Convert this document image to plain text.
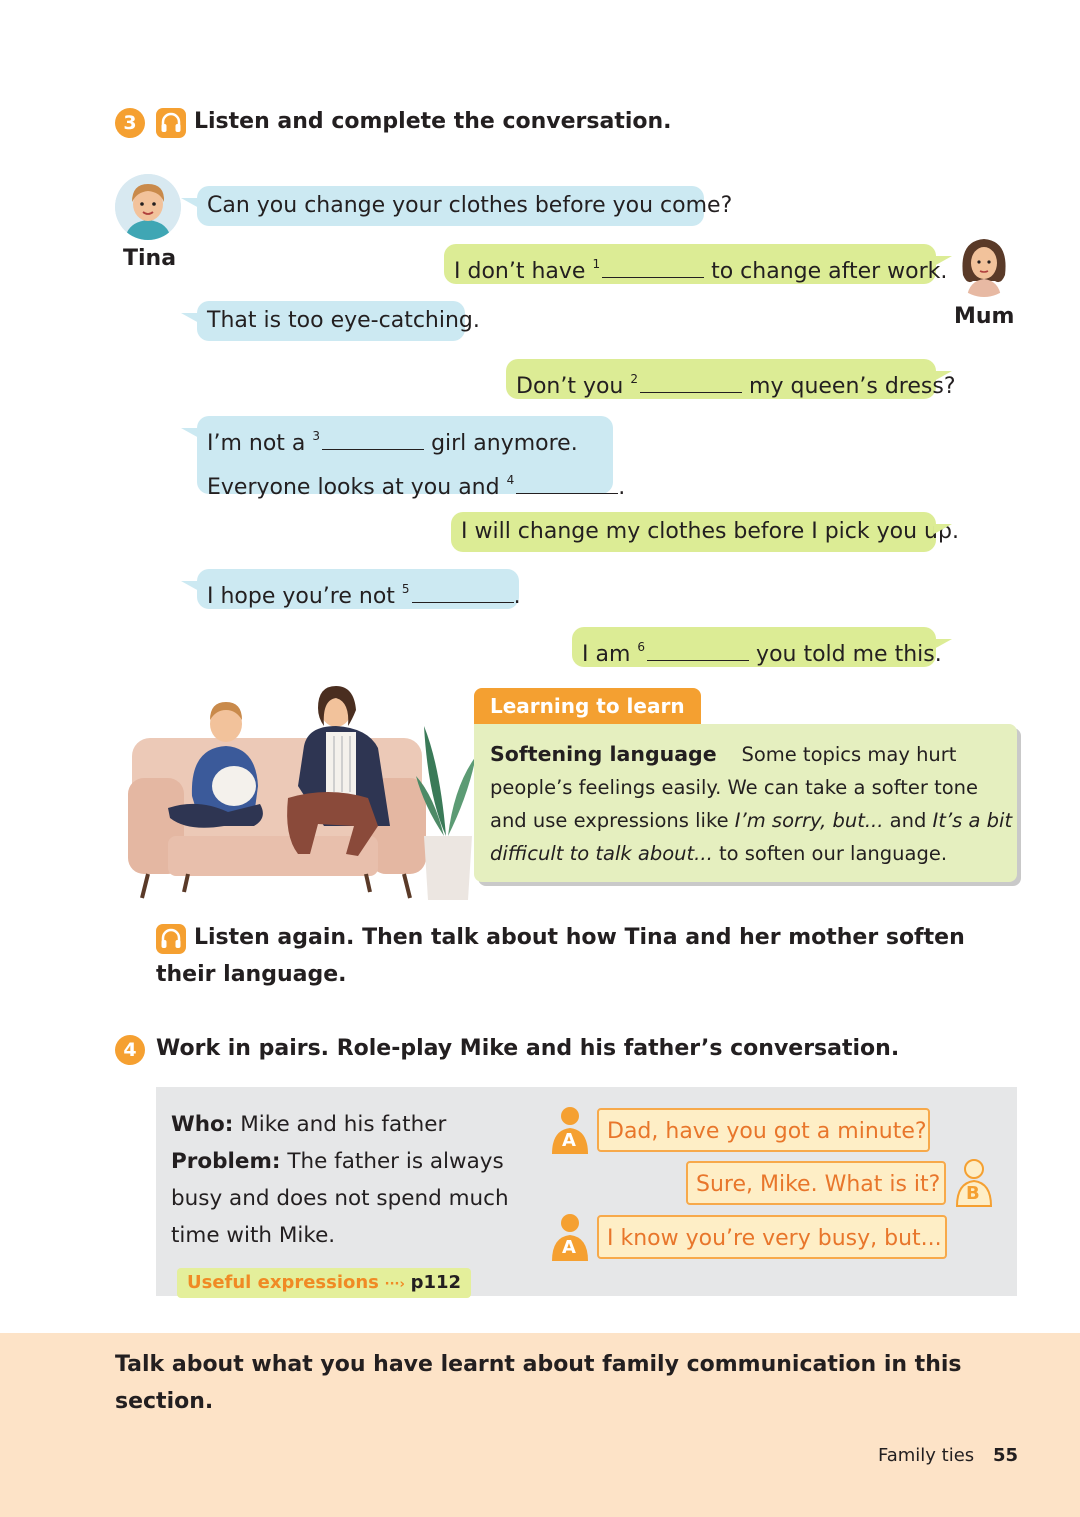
3	Listen and complete the conversation.
Tina
Mum
Can you change your clothes before you come?
I don’t have $^1$	to change after work.
That is too eye-catching.
Don’t you $^2$	my queen’s dress?
I’m not a $^3$	girl anymore.
Everyone looks at you and $^4$	.
I will change my clothes before I pick you up.
I hope you’re not $^5$	.
I am $^6$	you told me this.
Learning to learn
Softening language Some topics may hurt
people’s feelings easily. We can take a softer tone
and use expressions like I’m sorry, but... and It’s a bit
difficult to talk about... to soften our language.
Listen again. Then talk about how Tina and her mother soften
their language.
4 Work in pairs. Role-play Mike and his father’s conversation.
Who: Mike and his father
Problem: The father is always
busy and does not spend much
time with Mike.
Useful expressions ···› p112
A	Dad, have you got a minute?
Sure, Mike. What is it?	B
A	I know you’re very busy, but...
Talk about what you have learnt about family communication in this
section.
Family ties 55
